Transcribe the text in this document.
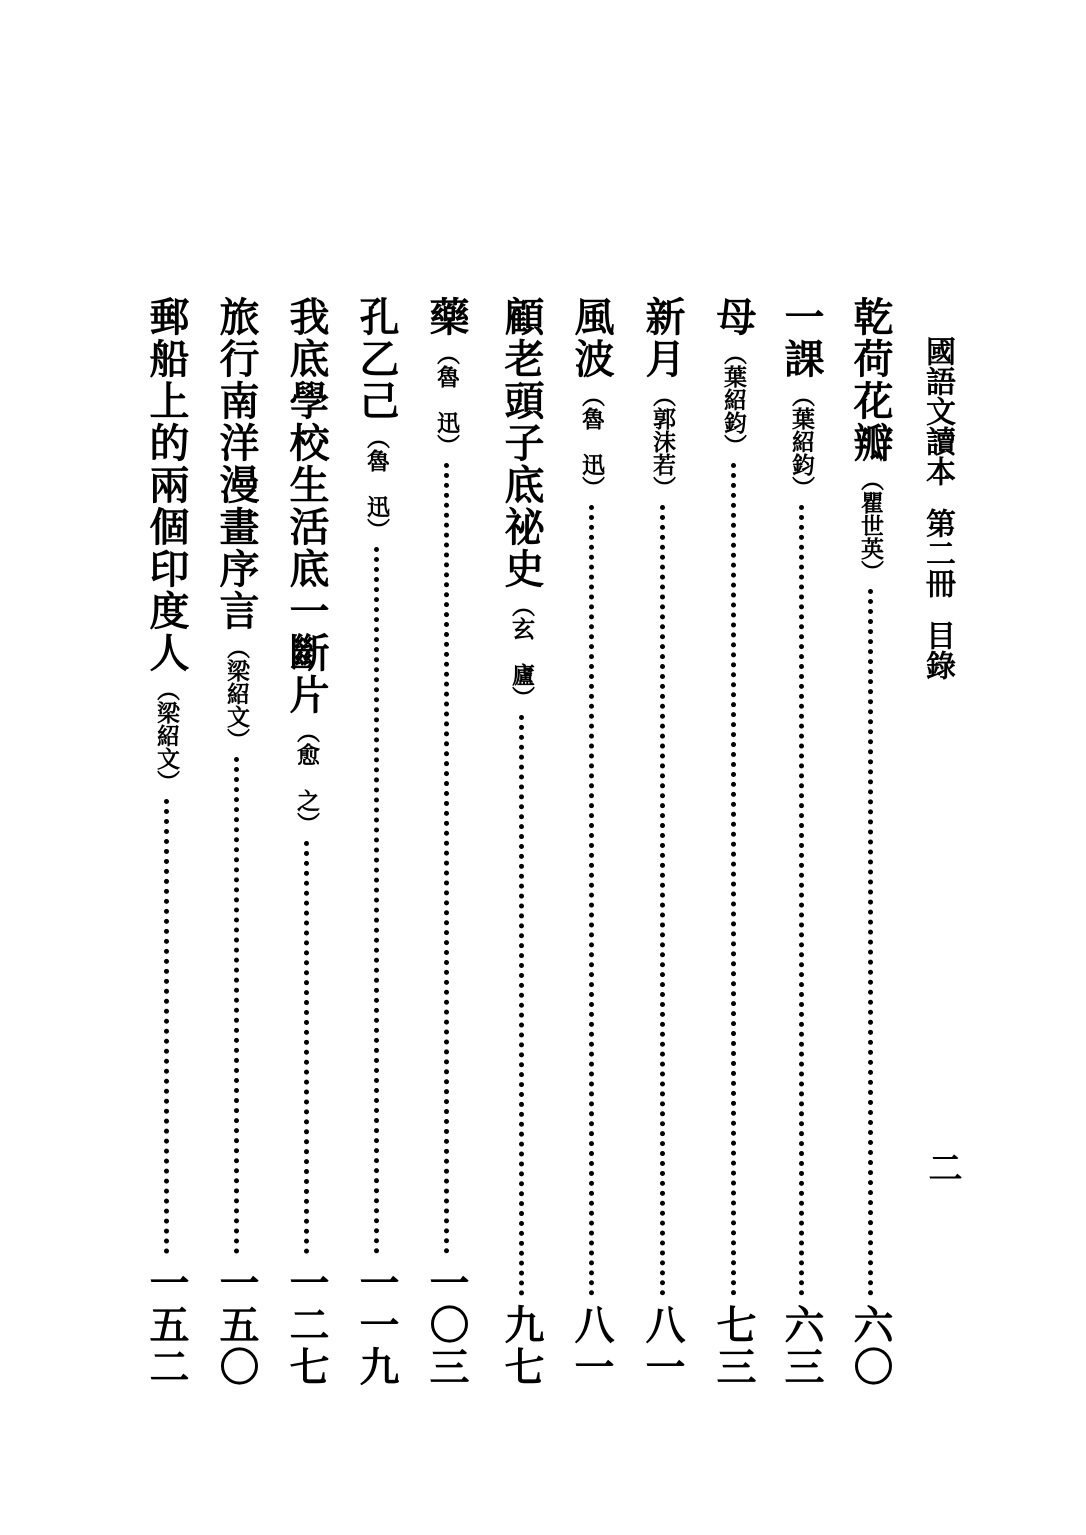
國語文讀本
第二冊
目錄
二
乾荷花瓣
（瞿世英）
六〇
一課
（葉紹鈞）
六三
母
（葉紹鈞）
七三
新月
（郭沫若）
八一
風波
（魯　迅）
八一
顧老頭子底祕史
（玄　廬）
九七
藥
（魯　迅）
一〇三
孔乙己
（魯　迅）
一一九
我底學校生活底一斷片
（愈　之）
一二七
旅行南洋漫畫序言
（梁紹文）
一五〇
郵船上的兩個印度人
（梁紹文）
一五二
